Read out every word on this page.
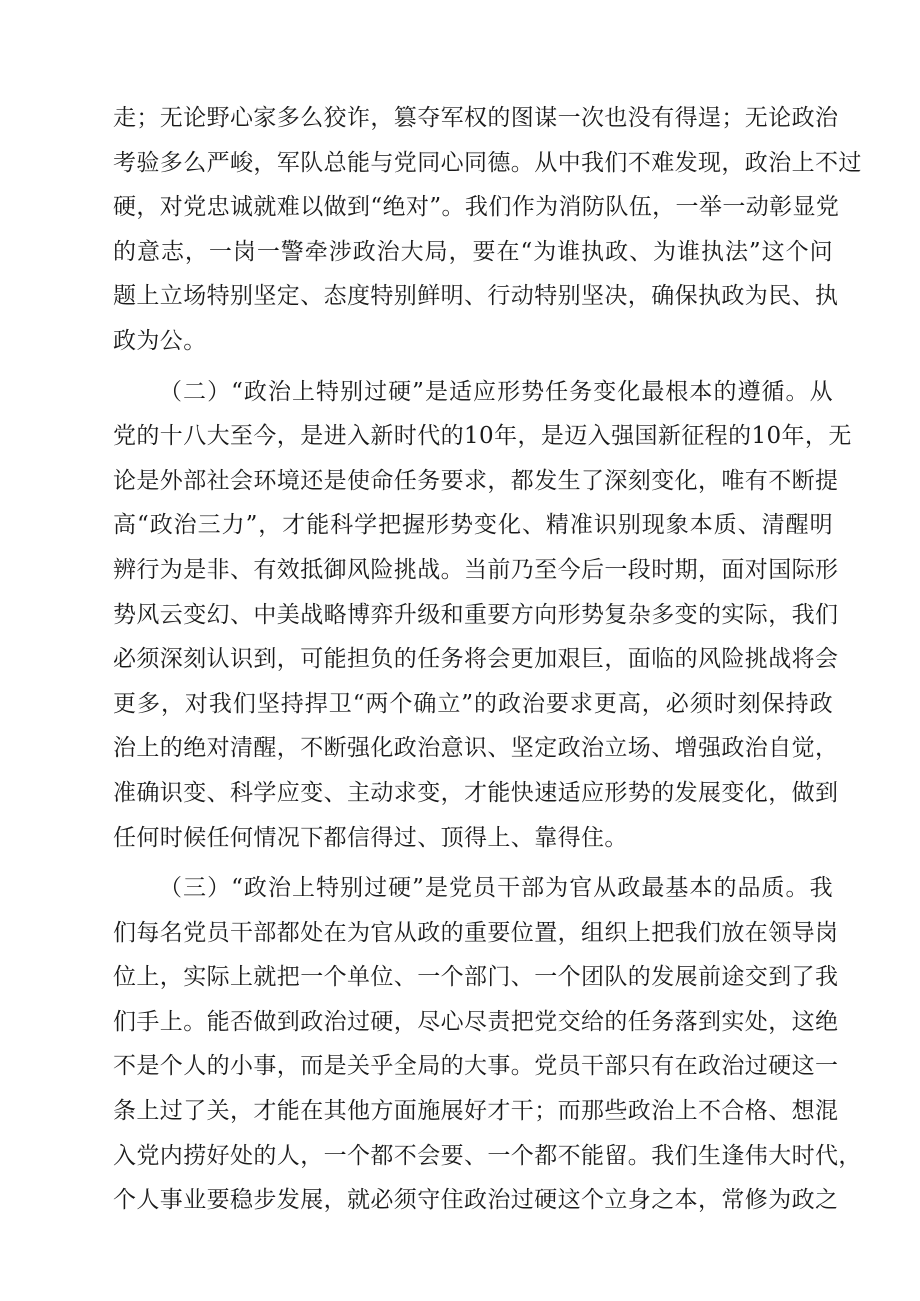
走；无论野心家多么狡诈，篡夺军权的图谋一次也没有得逞；无论政治
考验多么严峻，军队总能与党同心同德。从中我们不难发现，政治上不过
硬，对党忠诚就难以做到“绝对”。我们作为消防队伍，一举一动彰显党
的意志，一岗一警牵涉政治大局，要在“为谁执政、为谁执法”这个问
题上立场特别坚定、态度特别鲜明、行动特别坚决，确保执政为民、执
政为公。
（二）“政治上特别过硬”是适应形势任务变化最根本的遵循。从
党的十八大至今，是进入新时代的10年，是迈入强国新征程的10年，无
论是外部社会环境还是使命任务要求，都发生了深刻变化，唯有不断提
高“政治三力”，才能科学把握形势变化、精准识别现象本质、清醒明
辨行为是非、有效抵御风险挑战。当前乃至今后一段时期，面对国际形
势风云变幻、中美战略博弈升级和重要方向形势复杂多变的实际，我们
必须深刻认识到，可能担负的任务将会更加艰巨，面临的风险挑战将会
更多，对我们坚持捍卫“两个确立”的政治要求更高，必须时刻保持政
治上的绝对清醒，不断强化政治意识、坚定政治立场、增强政治自觉，
准确识变、科学应变、主动求变，才能快速适应形势的发展变化，做到
任何时候任何情况下都信得过、顶得上、靠得住。
（三）“政治上特别过硬”是党员干部为官从政最基本的品质。我
们每名党员干部都处在为官从政的重要位置，组织上把我们放在领导岗
位上，实际上就把一个单位、一个部门、一个团队的发展前途交到了我
们手上。能否做到政治过硬，尽心尽责把党交给的任务落到实处，这绝
不是个人的小事，而是关乎全局的大事。党员干部只有在政治过硬这一
条上过了关，才能在其他方面施展好才干；而那些政治上不合格、想混
入党内捞好处的人，一个都不会要、一个都不能留。我们生逢伟大时代，
个人事业要稳步发展，就必须守住政治过硬这个立身之本，常修为政之
